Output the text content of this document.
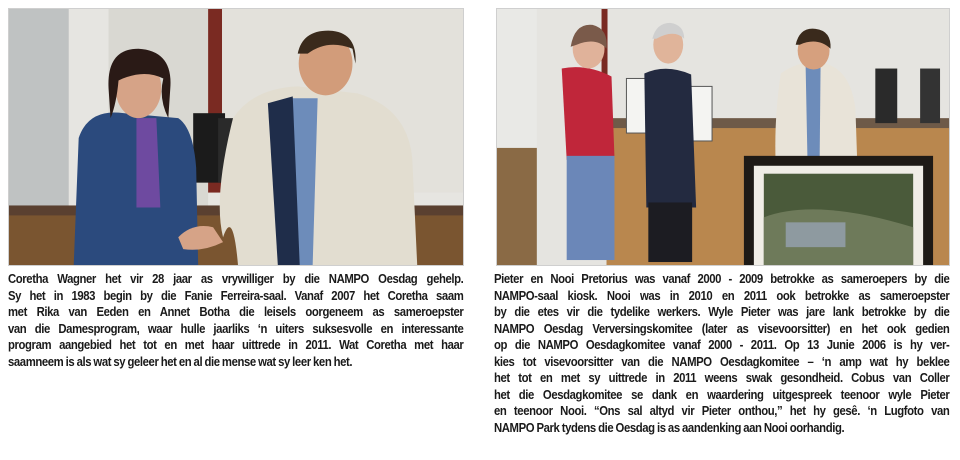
Coretha Wagner het vir 28 jaar as vrywilliger by die NAMPO Oesdag gehelp.
Sy het in 1983 begin by die Fanie Ferreira-saal. Vanaf 2007 het Coretha saam
met Rika van Eeden en Annet Botha die leisels oorgeneem as sameroepster
van die Damesprogram, waar hulle jaarliks ‘n uiters suksesvolle en interessante
program aangebied het tot en met haar uittrede in 2011. Wat Coretha met haar
saamneem is als wat sy geleer het en al die mense wat sy leer ken het.

Pieter en Nooi Pretorius was vanaf 2000 - 2009 betrokke as sameroepers by die
NAMPO-saal kiosk. Nooi was in 2010 en 2011 ook betrokke as sameroepster
by die etes vir die tydelike werkers. Wyle Pieter was jare lank betrokke by die
NAMPO Oesdag Verversingskomitee (later as visevoorsitter) en het ook gedien
op die NAMPO Oesdagkomitee vanaf 2000 - 2011. Op 13 Junie 2006 is hy ver-
kies tot visevoorsitter van die NAMPO Oesdagkomitee – ‘n amp wat hy beklee
het tot en met sy uittrede in 2011 weens swak gesondheid. Cobus van Coller
het die Oesdagkomitee se dank en waardering uitgespreek teenoor wyle Pieter
en teenoor Nooi. “Ons sal altyd vir Pieter onthou,” het hy gesê. ‘n Lugfoto van
NAMPO Park tydens die Oesdag is as aandenking aan Nooi oorhandig.
